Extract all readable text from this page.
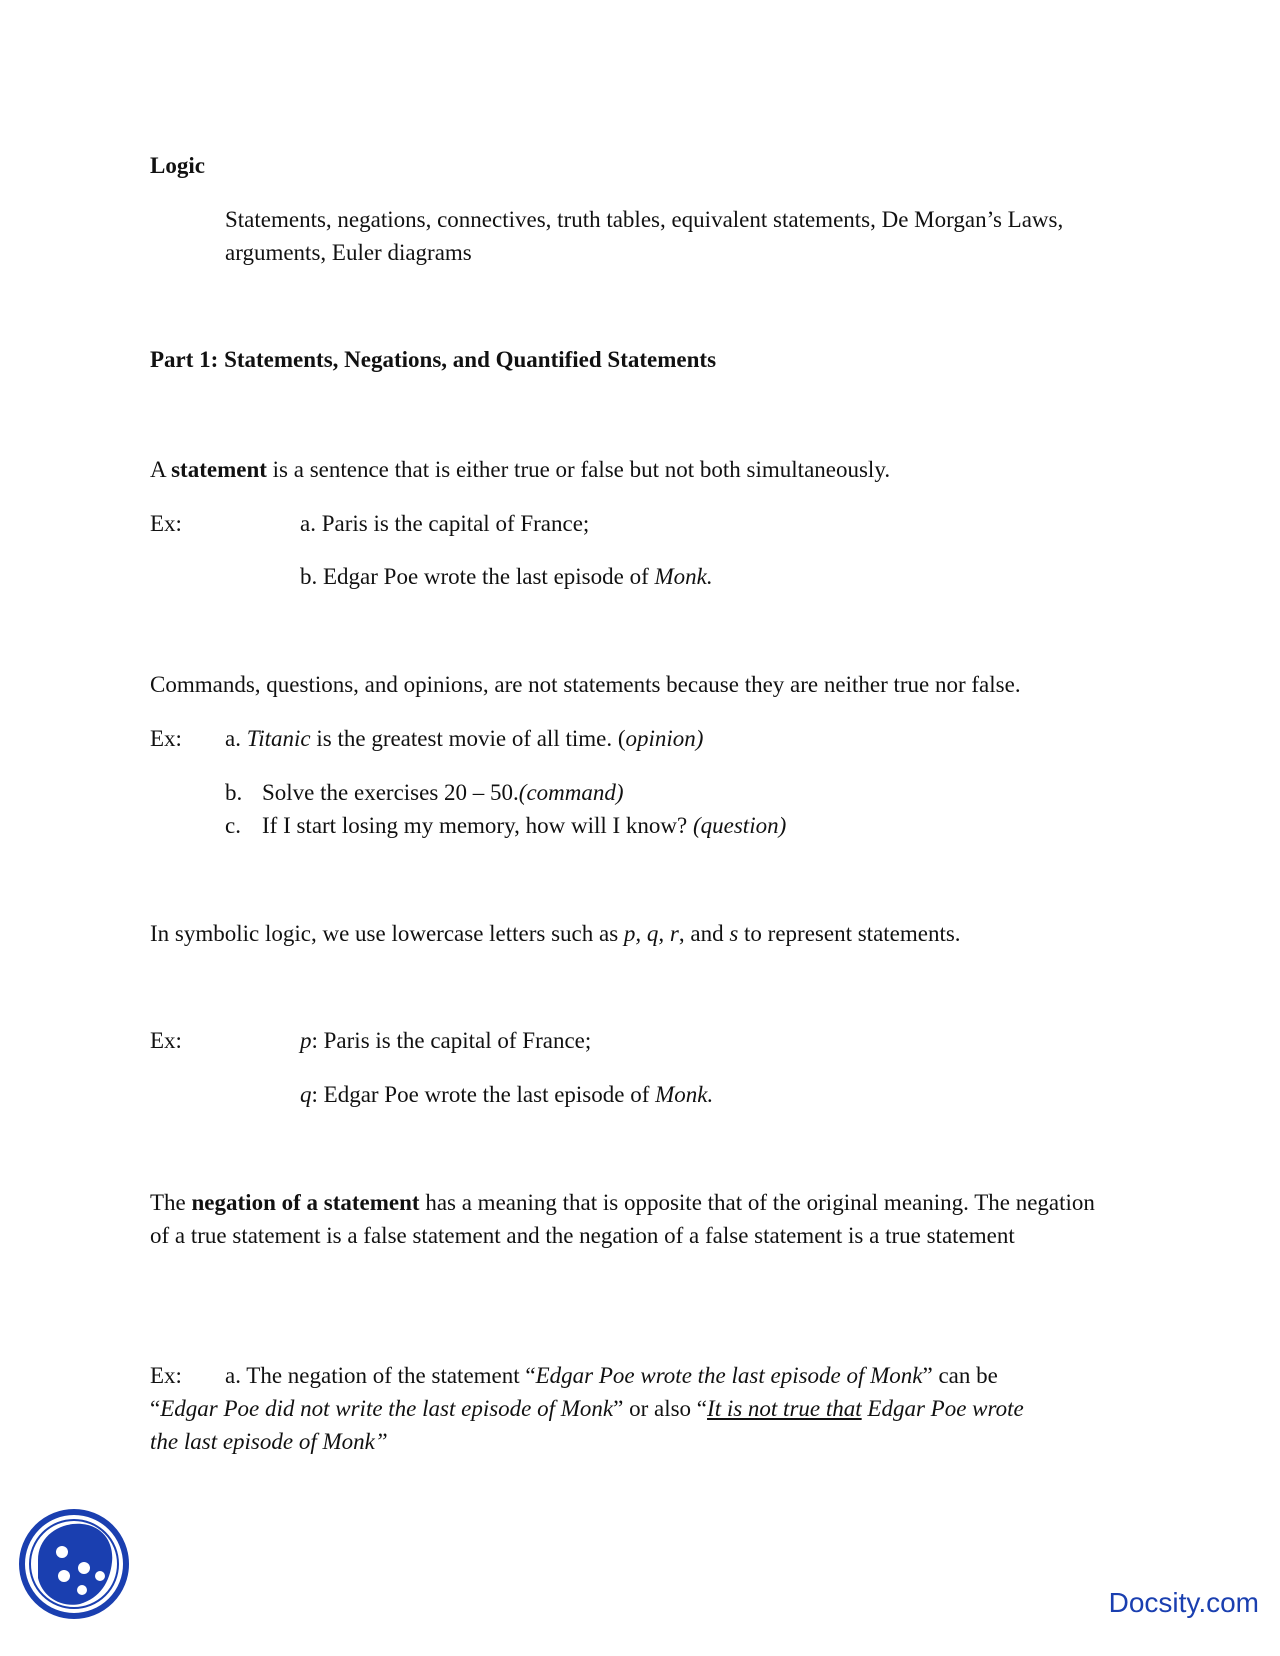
Logic
Statements, negations, connectives, truth tables, equivalent statements, De Morgan’s Laws, arguments, Euler diagrams
Part 1: Statements, Negations, and Quantified Statements
A statement is a sentence that is either true or false but not both simultaneously.
Ex:	a. Paris is the capital of France;
b. Edgar Poe wrote the last episode of Monk.
Commands, questions, and opinions, are not statements because they are neither true nor false.
Ex: a. Titanic is the greatest movie of all time. (opinion)
b. Solve the exercises 20 – 50.(command)
c. If I start losing my memory, how will I know? (question)
In symbolic logic, we use lowercase letters such as p, q, r, and s to represent statements.
Ex:	p: Paris is the capital of France;
q: Edgar Poe wrote the last episode of Monk.
The negation of a statement has a meaning that is opposite that of the original meaning. The negation of a true statement is a false statement and the negation of a false statement is a true statement
Ex: a. The negation of the statement “Edgar Poe wrote the last episode of Monk” can be
“Edgar Poe did not write the last episode of Monk” or also “It is not true that Edgar Poe wrote
the last episode of Monk”
Docsity.com
